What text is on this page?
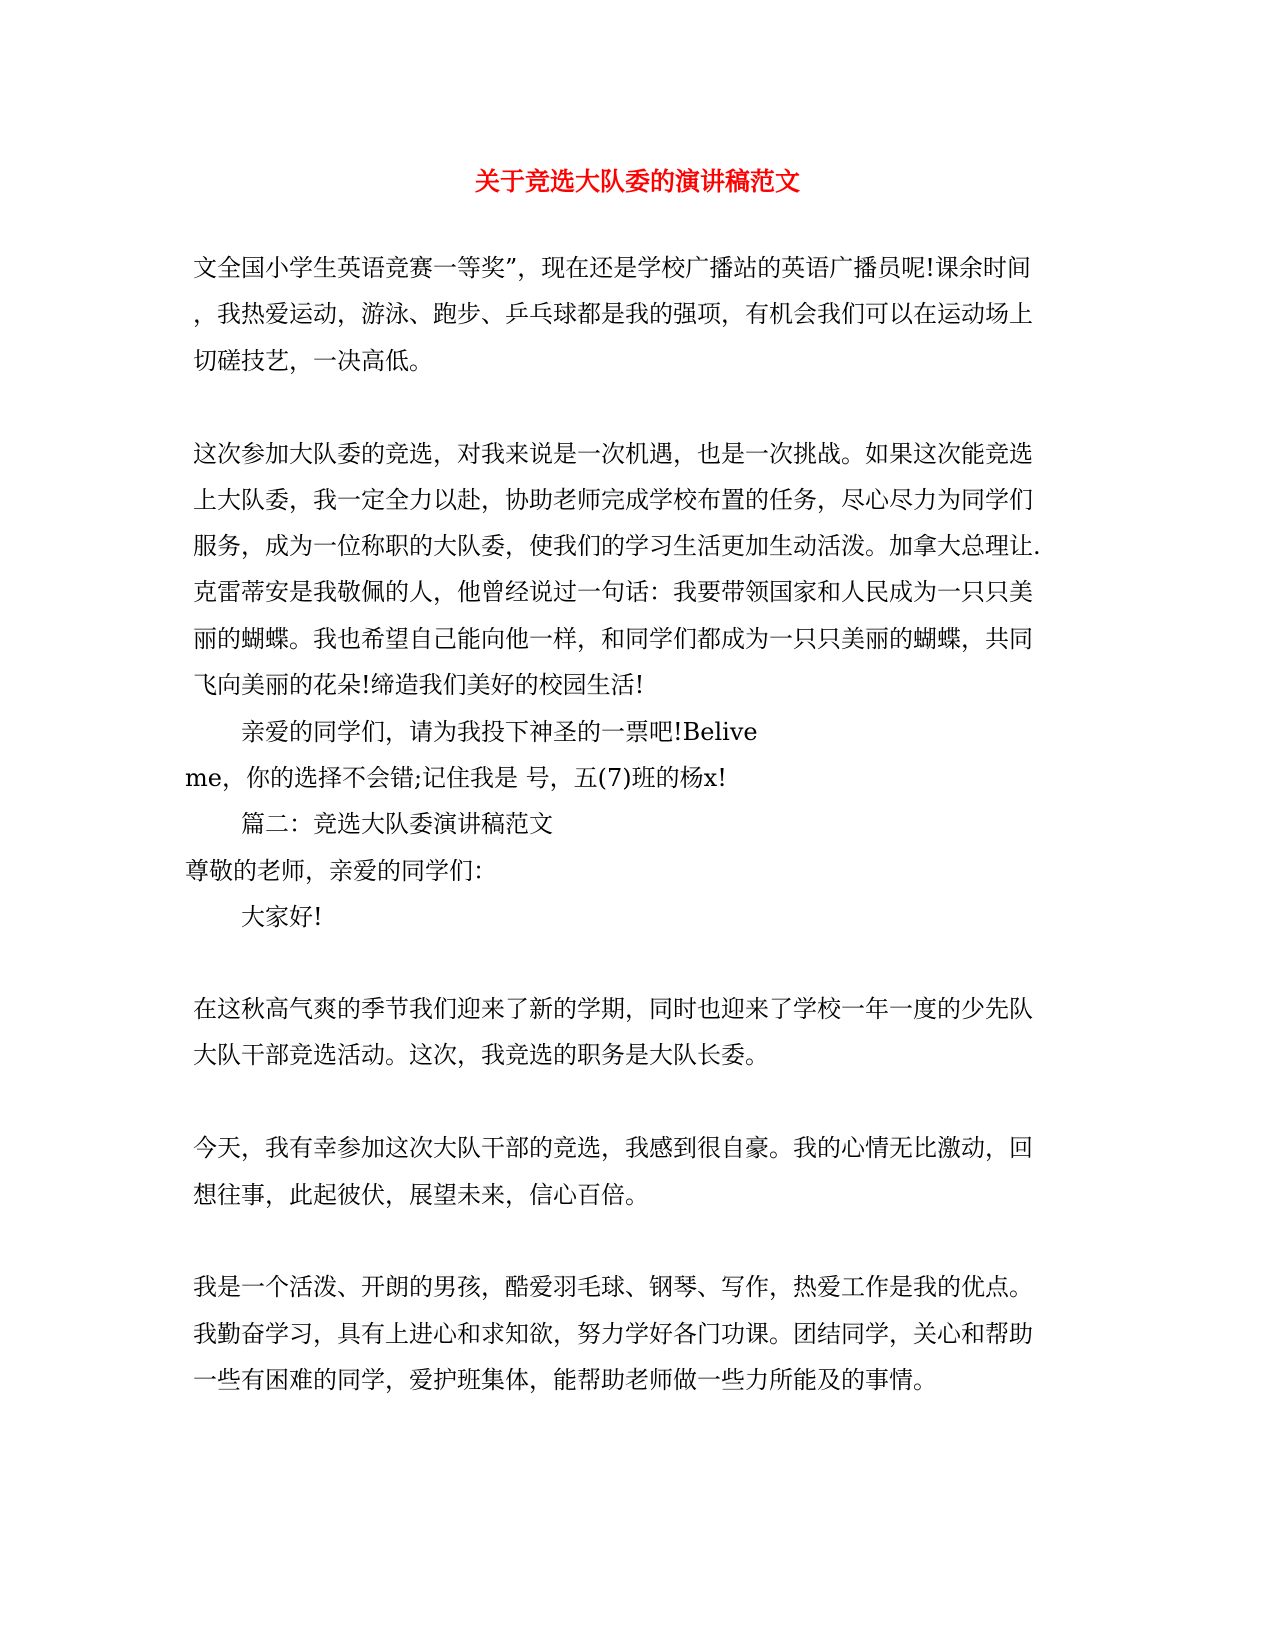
关于竞选大队委的演讲稿范文
文全国小学生英语竞赛一等奖”，现在还是学校广播站的英语广播员呢!课余时间
，我热爱运动，游泳、跑步、乒乓球都是我的强项，有机会我们可以在运动场上
切磋技艺，一决高低。
这次参加大队委的竞选，对我来说是一次机遇，也是一次挑战。如果这次能竞选
上大队委，我一定全力以赴，协助老师完成学校布置的任务，尽心尽力为同学们
服务，成为一位称职的大队委，使我们的学习生活更加生动活泼。加拿大总理让.
克雷蒂安是我敬佩的人，他曾经说过一句话：我要带领国家和人民成为一只只美
丽的蝴蝶。我也希望自己能向他一样，和同学们都成为一只只美丽的蝴蝶，共同
飞向美丽的花朵!缔造我们美好的校园生活!
亲爱的同学们，请为我投下神圣的一票吧!Belive
me，你的选择不会错;记住我是 号，五(7)班的杨x!
篇二：竞选大队委演讲稿范文
尊敬的老师，亲爱的同学们：
大家好!
在这秋高气爽的季节我们迎来了新的学期，同时也迎来了学校一年一度的少先队
大队干部竞选活动。这次，我竞选的职务是大队长委。
今天，我有幸参加这次大队干部的竞选，我感到很自豪。我的心情无比激动，回
想往事，此起彼伏，展望未来，信心百倍。
我是一个活泼、开朗的男孩，酷爱羽毛球、钢琴、写作，热爱工作是我的优点。
我勤奋学习，具有上进心和求知欲，努力学好各门功课。团结同学，关心和帮助
一些有困难的同学，爱护班集体，能帮助老师做一些力所能及的事情。
